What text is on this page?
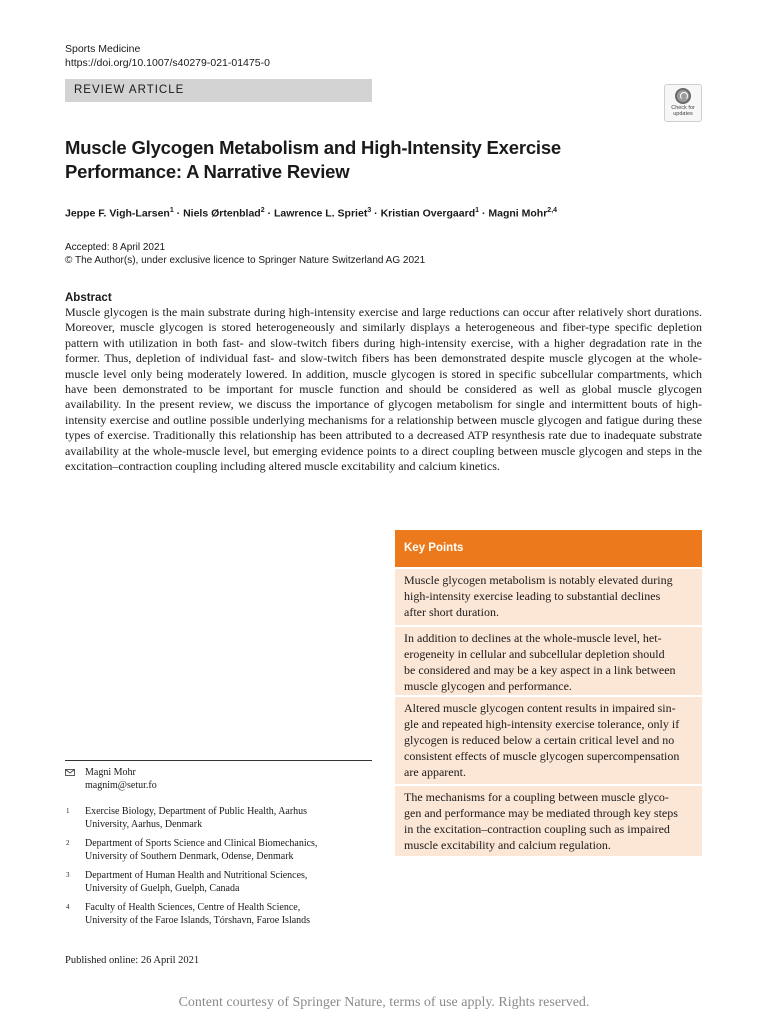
Sports Medicine
https://doi.org/10.1007/s40279-021-01475-0
REVIEW ARTICLE
Check for
updates
Muscle Glycogen Metabolism and High-Intensity Exercise
Performance: A Narrative Review
Jeppe F. Vigh-Larsen$^1$ · Niels Ørtenblad$^2$ · Lawrence L. Spriet$^3$ · Kristian Overgaard$^1$ · Magni Mohr$^{2,4}$
Accepted: 8 April 2021
© The Author(s), under exclusive licence to Springer Nature Switzerland AG 2021
Abstract
Muscle glycogen is the main substrate during high-intensity exercise and large reductions can occur after relatively short durations. Moreover, muscle glycogen is stored heterogeneously and similarly displays a heterogeneous and fiber-type specific depletion pattern with utilization in both fast- and slow-twitch fibers during high-intensity exercise, with a higher degradation rate in the former. Thus, depletion of individual fast- and slow-twitch fibers has been demonstrated despite muscle glycogen at the whole-muscle level only being moderately lowered. In addition, muscle glycogen is stored in specific subcellular compartments, which have been demonstrated to be important for muscle function and should be considered as well as global muscle glycogen availability. In the present review, we discuss the importance of glycogen metabolism for single and intermittent bouts of high-intensity exercise and outline possible underlying mechanisms for a relationship between muscle glycogen and fatigue during these types of exercise. Traditionally this relationship has been attributed to a decreased ATP resynthesis rate due to inadequate substrate availability at the whole-muscle level, but emerging evidence points to a direct coupling between muscle glycogen and steps in the excitation–contraction coupling including altered muscle excitability and calcium kinetics.
Key Points
Muscle glycogen metabolism is notably elevated during
high-intensity exercise leading to substantial declines
after short duration.
In addition to declines at the whole-muscle level, het-
erogeneity in cellular and subcellular depletion should
be considered and may be a key aspect in a link between
muscle glycogen and performance.
Altered muscle glycogen content results in impaired sin-
gle and repeated high-intensity exercise tolerance, only if
glycogen is reduced below a certain critical level and no
consistent effects of muscle glycogen supercompensation
are apparent.
The mechanisms for a coupling between muscle glyco-
gen and performance may be mediated through key steps
in the excitation–contraction coupling such as impaired
muscle excitability and calcium regulation.
Magni Mohr
magnim@setur.fo
1 Exercise Biology, Department of Public Health, Aarhus
University, Aarhus, Denmark
2 Department of Sports Science and Clinical Biomechanics,
University of Southern Denmark, Odense, Denmark
3 Department of Human Health and Nutritional Sciences,
University of Guelph, Guelph, Canada
4 Faculty of Health Sciences, Centre of Health Science,
University of the Faroe Islands, Tórshavn, Faroe Islands
Published online: 26 April 2021
Content courtesy of Springer Nature, terms of use apply. Rights reserved.
